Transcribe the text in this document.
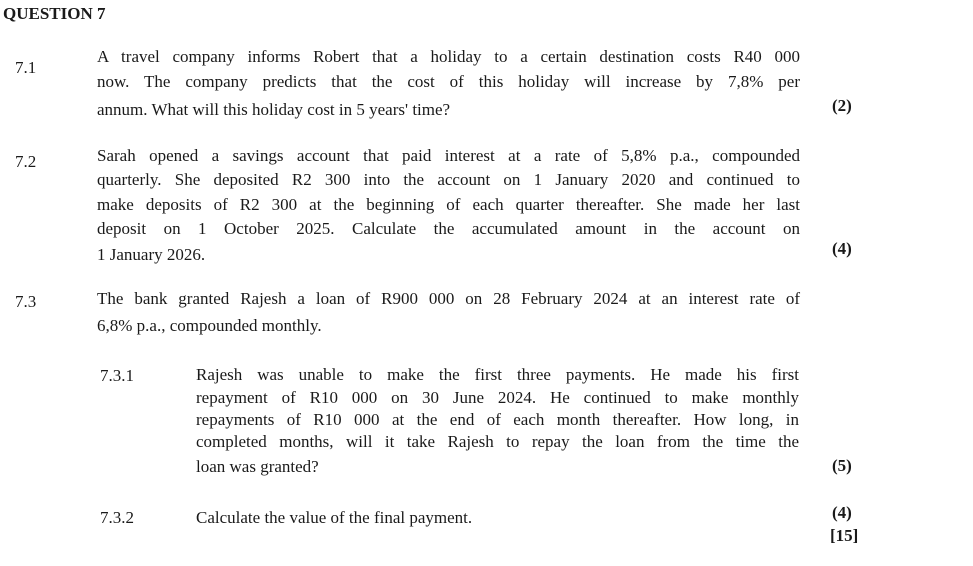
QUESTION 7
7.1
A travel company informs Robert that a holiday to a certain destination costs R40 000
now. The company predicts that the cost of this holiday will increase by 7,8% per
annum. What will this holiday cost in 5 years' time?	(2)
7.2	Sarah opened a savings account that paid interest at a rate of 5,8% p.a., compounded
quarterly. She deposited R2 300 into the account on 1 January 2020 and continued to
make deposits of R2 300 at the beginning of each quarter thereafter. She made her last
deposit on 1 October 2025. Calculate the accumulated amount in the account on
1 January 2026.	(4)
7.3	The bank granted Rajesh a loan of R900 000 on 28 February 2024 at an interest rate of
6,8% p.a., compounded monthly.
7.3.1	Rajesh was unable to make the first three payments. He made his first
repayment of R10 000 on 30 June 2024. He continued to make monthly
repayments of R10 000 at the end of each month thereafter. How long, in
completed months, will it take Rajesh to repay the loan from the time the
loan was granted?	(5)
7.3.2	Calculate the value of the final payment.	(4)
[15]
